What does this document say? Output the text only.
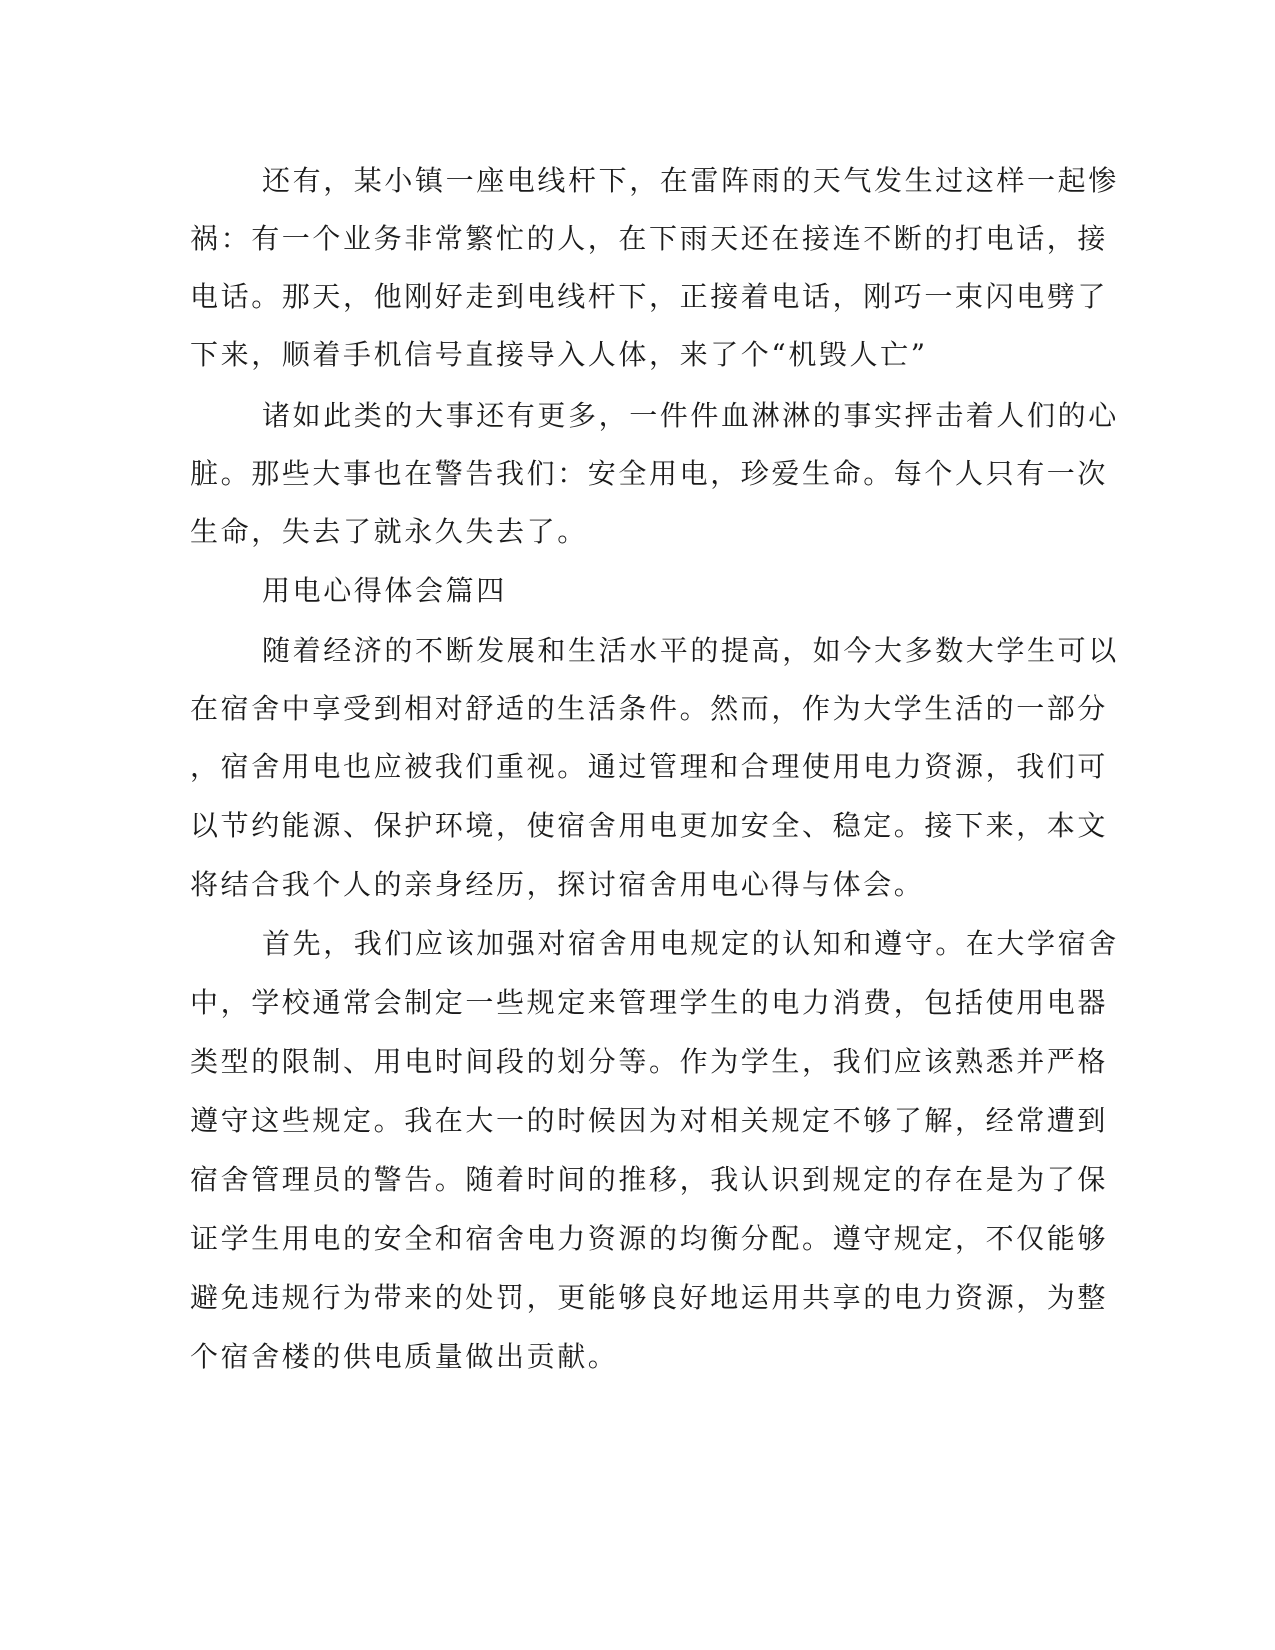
还有，某小镇一座电线杆下，在雷阵雨的天气发生过这样一起惨
祸：有一个业务非常繁忙的人，在下雨天还在接连不断的打电话，接
电话。那天，他刚好走到电线杆下，正接着电话，刚巧一束闪电劈了
下来，顺着手机信号直接导入人体，来了个“机毁人亡”
诸如此类的大事还有更多，一件件血淋淋的事实抨击着人们的心
脏。那些大事也在警告我们：安全用电，珍爱生命。每个人只有一次
生命，失去了就永久失去了。
用电心得体会篇四
随着经济的不断发展和生活水平的提高，如今大多数大学生可以
在宿舍中享受到相对舒适的生活条件。然而，作为大学生活的一部分
，宿舍用电也应被我们重视。通过管理和合理使用电力资源，我们可
以节约能源、保护环境，使宿舍用电更加安全、稳定。接下来，本文
将结合我个人的亲身经历，探讨宿舍用电心得与体会。
首先，我们应该加强对宿舍用电规定的认知和遵守。在大学宿舍
中，学校通常会制定一些规定来管理学生的电力消费，包括使用电器
类型的限制、用电时间段的划分等。作为学生，我们应该熟悉并严格
遵守这些规定。我在大一的时候因为对相关规定不够了解，经常遭到
宿舍管理员的警告。随着时间的推移，我认识到规定的存在是为了保
证学生用电的安全和宿舍电力资源的均衡分配。遵守规定，不仅能够
避免违规行为带来的处罚，更能够良好地运用共享的电力资源，为整
个宿舍楼的供电质量做出贡献。
